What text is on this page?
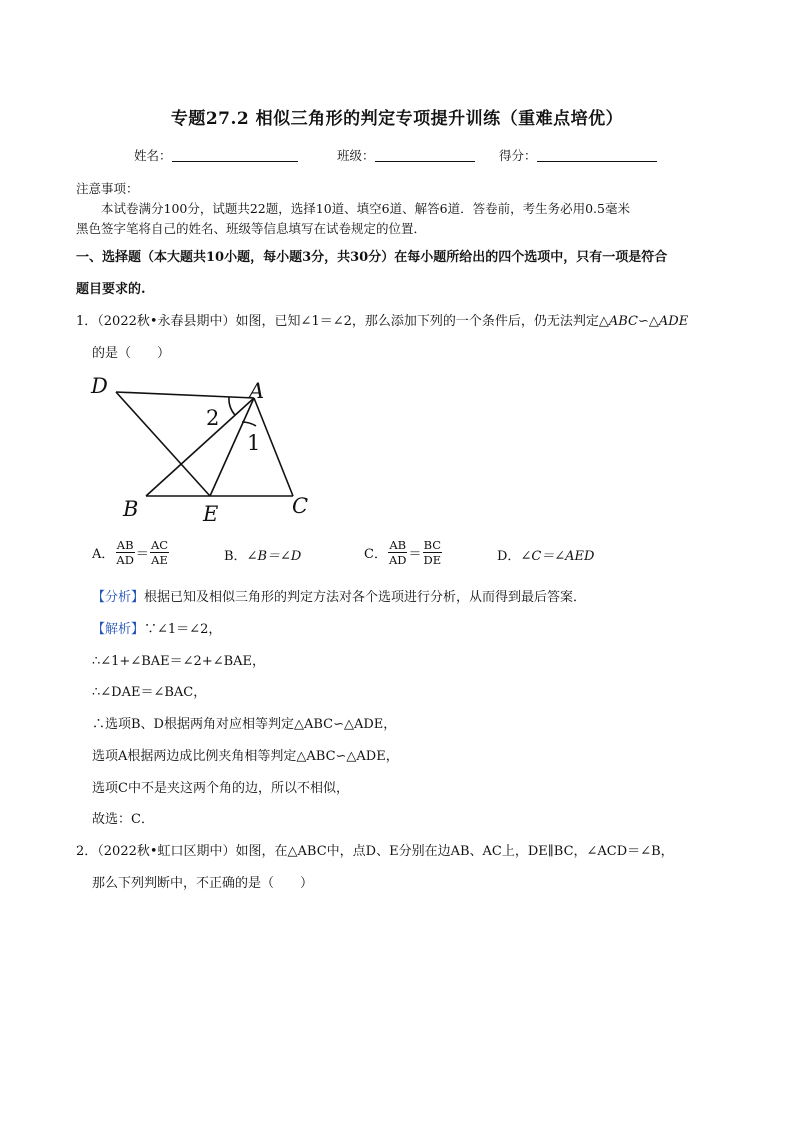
专题27.2 相似三角形的判定专项提升训练（重难点培优）
姓名：	班级：	得分：
注意事项：
本试卷满分100分，试题共22题，选择10道、填空6道、解答6道．答卷前，考生务必用0.5毫米
黑色签字笔将自己的姓名、班级等信息填写在试卷规定的位置．
一、选择题（本大题共10小题，每小题3分，共30分）在每小题所给出的四个选项中，只有一项是符合
题目要求的.
1．（2022秋•永春县期中）如图，已知∠1＝∠2，那么添加下列的一个条件后，仍无法判定△ABC∽△ADE
的是（　　）
D	A
B	E	C
2
1
A． $\frac{AB}{AD} = \frac{AC}{AE}$	B． ∠B＝∠D	C． $\frac{AB}{AD} = \frac{BC}{DE}$	D． ∠C＝∠AED
【分析】根据已知及相似三角形的判定方法对各个选项进行分析，从而得到最后答案．
【解析】∵∠1＝∠2，
∴∠1+∠BAE＝∠2+∠BAE，
∴∠DAE＝∠BAC，
∴选项B、D根据两角对应相等判定△ABC∽△ADE，
选项A根据两边成比例夹角相等判定△ABC∽△ADE，
选项C中不是夹这两个角的边，所以不相似，
故选：C．
2．（2022秋•虹口区期中）如图，在△ABC中，点D、E分别在边AB、AC上，DE∥BC，∠ACD＝∠B，
那么下列判断中，不正确的是（　　）
